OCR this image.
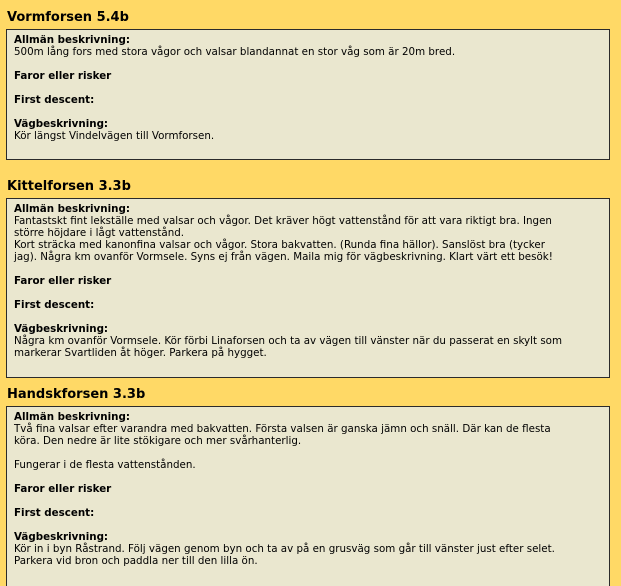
Vormforsen 5.4b
Allmän beskrivning:
500m lång fors med stora vågor och valsar blandannat en stor våg som är 20m bred.
Faror eller risker
First descent:
Vägbeskrivning:
Kör längst Vindelvägen till Vormforsen.
Kittelforsen 3.3b
Allmän beskrivning:
Fantastskt fint lekställe med valsar och vågor. Det kräver högt vattenstånd för att vara riktigt bra. Ingen
större höjdare i lågt vattenstånd.
Kort sträcka med kanonfina valsar och vågor. Stora bakvatten. (Runda fina hällor). Sanslöst bra (tycker
jag). Några km ovanför Vormsele. Syns ej från vägen. Maila mig för vägbeskrivning. Klart värt ett besök!
Faror eller risker
First descent:
Vägbeskrivning:
Några km ovanför Vormsele. Kör förbi Linaforsen och ta av vägen till vänster när du passerat en skylt som
markerar Svartliden åt höger. Parkera på hygget.
Handskforsen 3.3b
Allmän beskrivning:
Två fina valsar efter varandra med bakvatten. Första valsen är ganska jämn och snäll. Där kan de flesta
köra. Den nedre är lite stökigare och mer svårhanterlig.
Fungerar i de flesta vattenstånden.
Faror eller risker
First descent:
Vägbeskrivning:
Kör in i byn Råstrand. Följ vägen genom byn och ta av på en grusväg som går till vänster just efter selet.
Parkera vid bron och paddla ner till den lilla ön.
